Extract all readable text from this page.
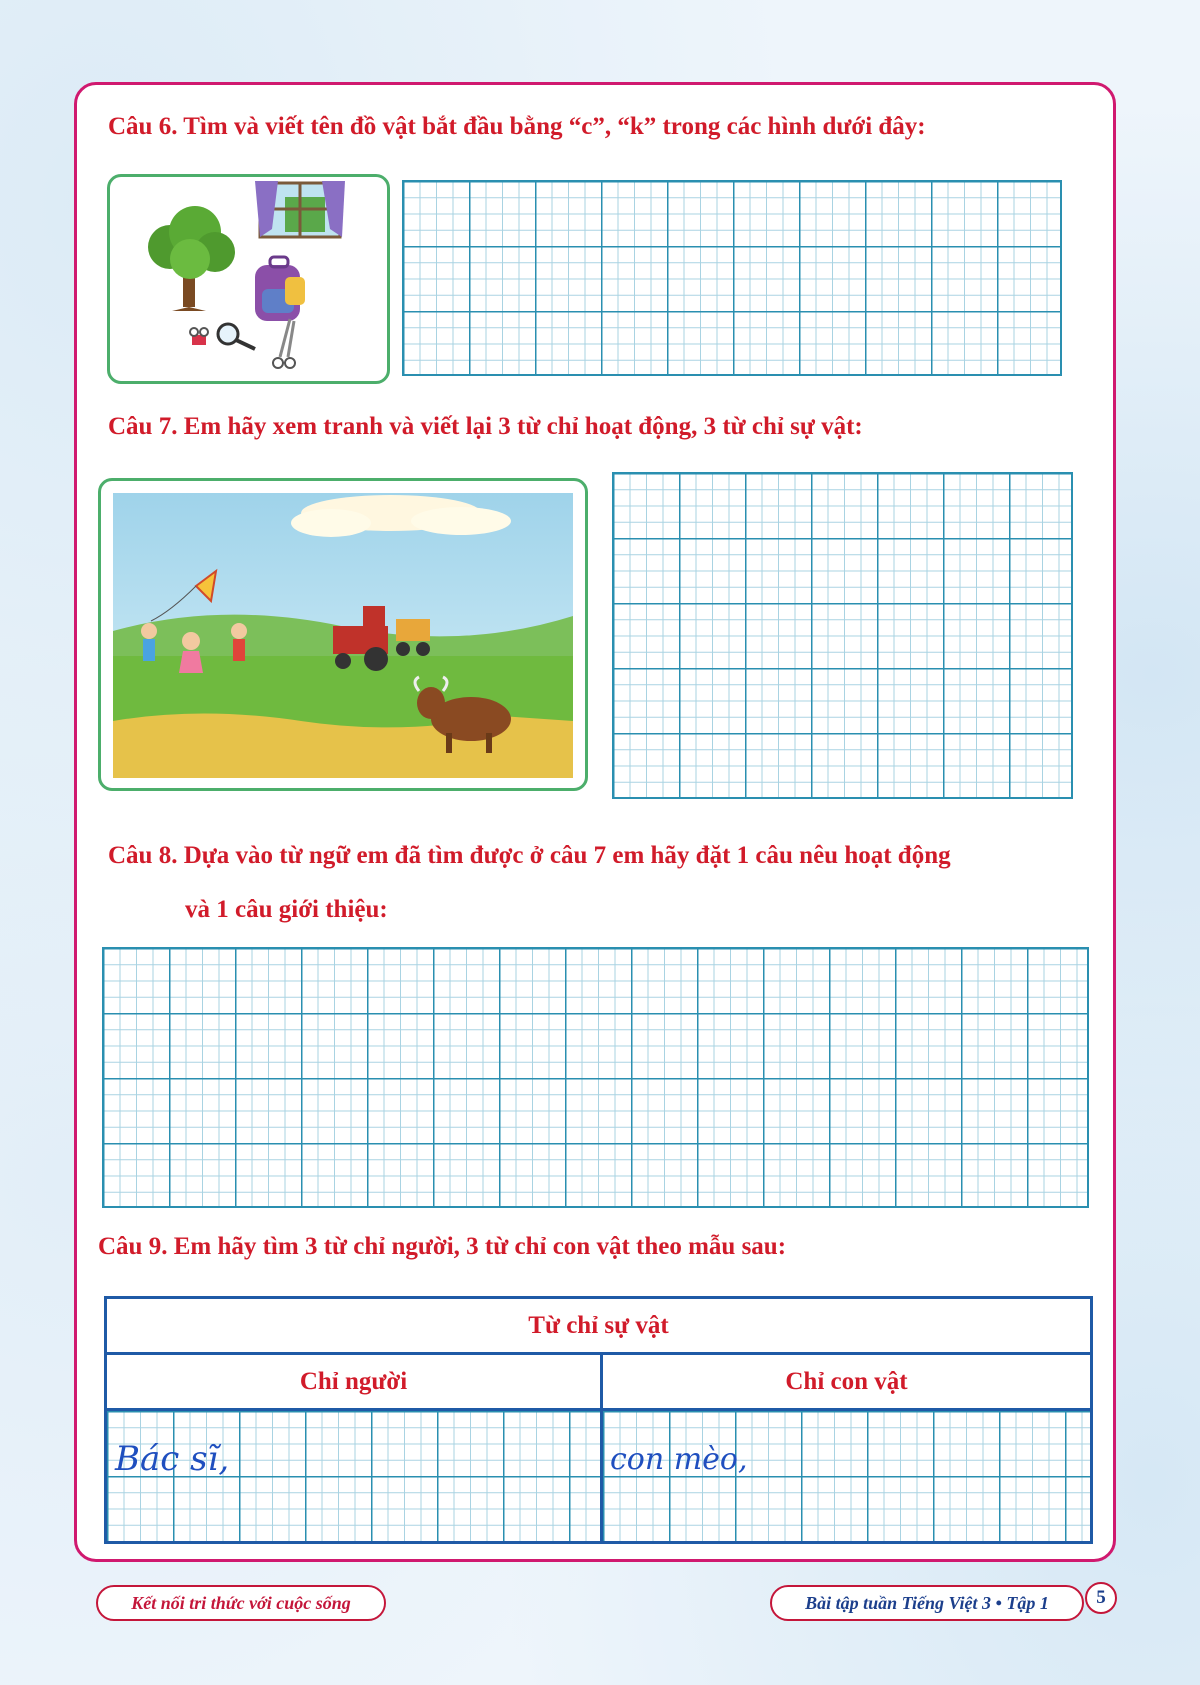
Câu 6. Tìm và viết tên đồ vật bắt đầu bằng “c”, “k” trong các hình dưới đây:
Câu 7. Em hãy xem tranh và viết lại 3 từ chỉ hoạt động, 3 từ chỉ sự vật:
Câu 8. Dựa vào từ ngữ em đã tìm được ở câu 7 em hãy đặt 1 câu nêu hoạt động
và 1 câu giới thiệu:
Câu 9. Em hãy tìm 3 từ chỉ người, 3 từ chỉ con vật theo mẫu sau:
Từ chỉ sự vật
Chỉ người	Chỉ con vật
Bác sĩ,	con mèo,
Kết nối tri thức với cuộc sống	Bài tập tuần Tiếng Việt 3 • Tập 1	5
